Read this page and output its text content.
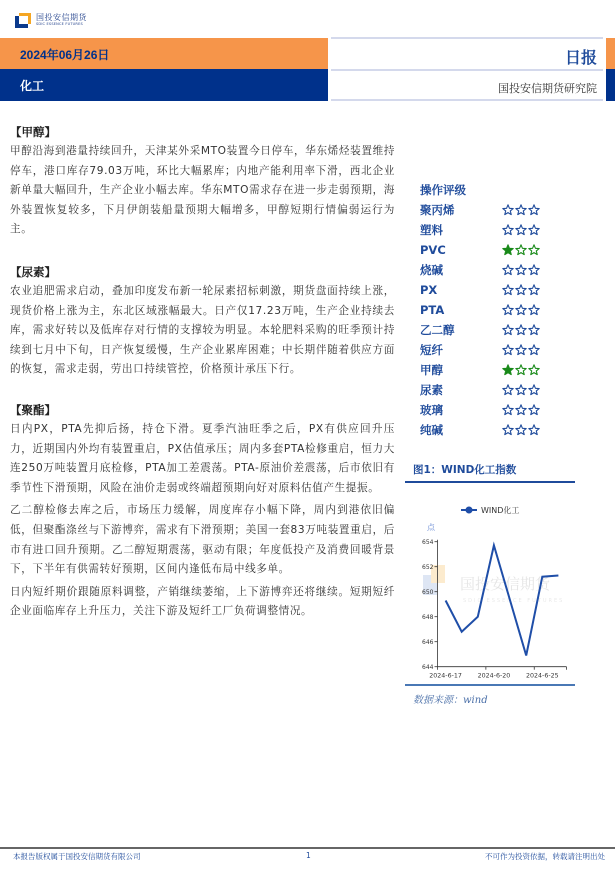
国投安信期货
SDIC ESSENCE FUTURES
2024年06月26日
化工
日报
国投安信期货研究院
【甲醇】

甲醇沿海到港量持续回升，天津某外采MTO装置今日停车，华东烯烃装置维持停车，港口库存79.03万吨，环比大幅累库；内地产能利用率下滑，西北企业新单量大幅回升，生产企业小幅去库。华东MTO需求存在进一步走弱预期，海外装置恢复较多，下月伊朗装船量预期大幅增多，甲醇短期行情偏弱运行为主。

【尿素】

农业追肥需求启动，叠加印度发布新一轮尿素招标刺激，期货盘面持续上涨，现货价格上涨为主，东北区域涨幅最大。日产仅17.23万吨，生产企业持续去库，需求好转以及低库存对行情的支撑较为明显。本轮肥料采购的旺季预计持续到七月中下旬，日产恢复缓慢，生产企业累库困难；中长期伴随着供应方面的恢复，需求走弱，劳出口持续管控，价格预计承压下行。

【聚酯】

日内PX，PTA先抑后扬，持仓下滑。夏季汽油旺季之后，PX有供应回升压力，近期国内外均有装置重启，PX估值承压；周内多套PTA检修重启，恒力大连250万吨装置月底检修，PTA加工差震荡。PTA-原油价差震荡，后市依旧有季节性下滑预期，风险在油价走弱或终端超预期向好对原料估值产生提振。

乙二醇检修去库之后，市场压力缓解，周度库存小幅下降，周内到港依旧偏低，但聚酯涤丝与下游博弈，需求有下滑预期；美国一套83万吨装置重启，后市有进口回升预期。乙二醇短期震荡，驱动有限；年度低投产及消费回暖背景下，下半年有供需转好预期，区间内逢低布局中线多单。

日内短纤期价跟随原料调整，产销继续萎缩，上下游博弈还将继续。短期短纤企业面临库存上升压力，关注下游及短纤工厂负荷调整情况。

操作评级
聚丙烯
塑料
PVC
烧碱
PX
PTA
乙二醇
短纤
甲醇
尿素
玻璃
纯碱
图1：WIND化工指数
国投安信期货
SDIC ESSENCE FUTURES
WIND化工
点
644
646
648
650
652
654
2024-6-17	2024-6-20	2024-6-25
数据来源：wind
本报告版权属于国投安信期货有限公司	1	不可作为投资依据，转载请注明出处
